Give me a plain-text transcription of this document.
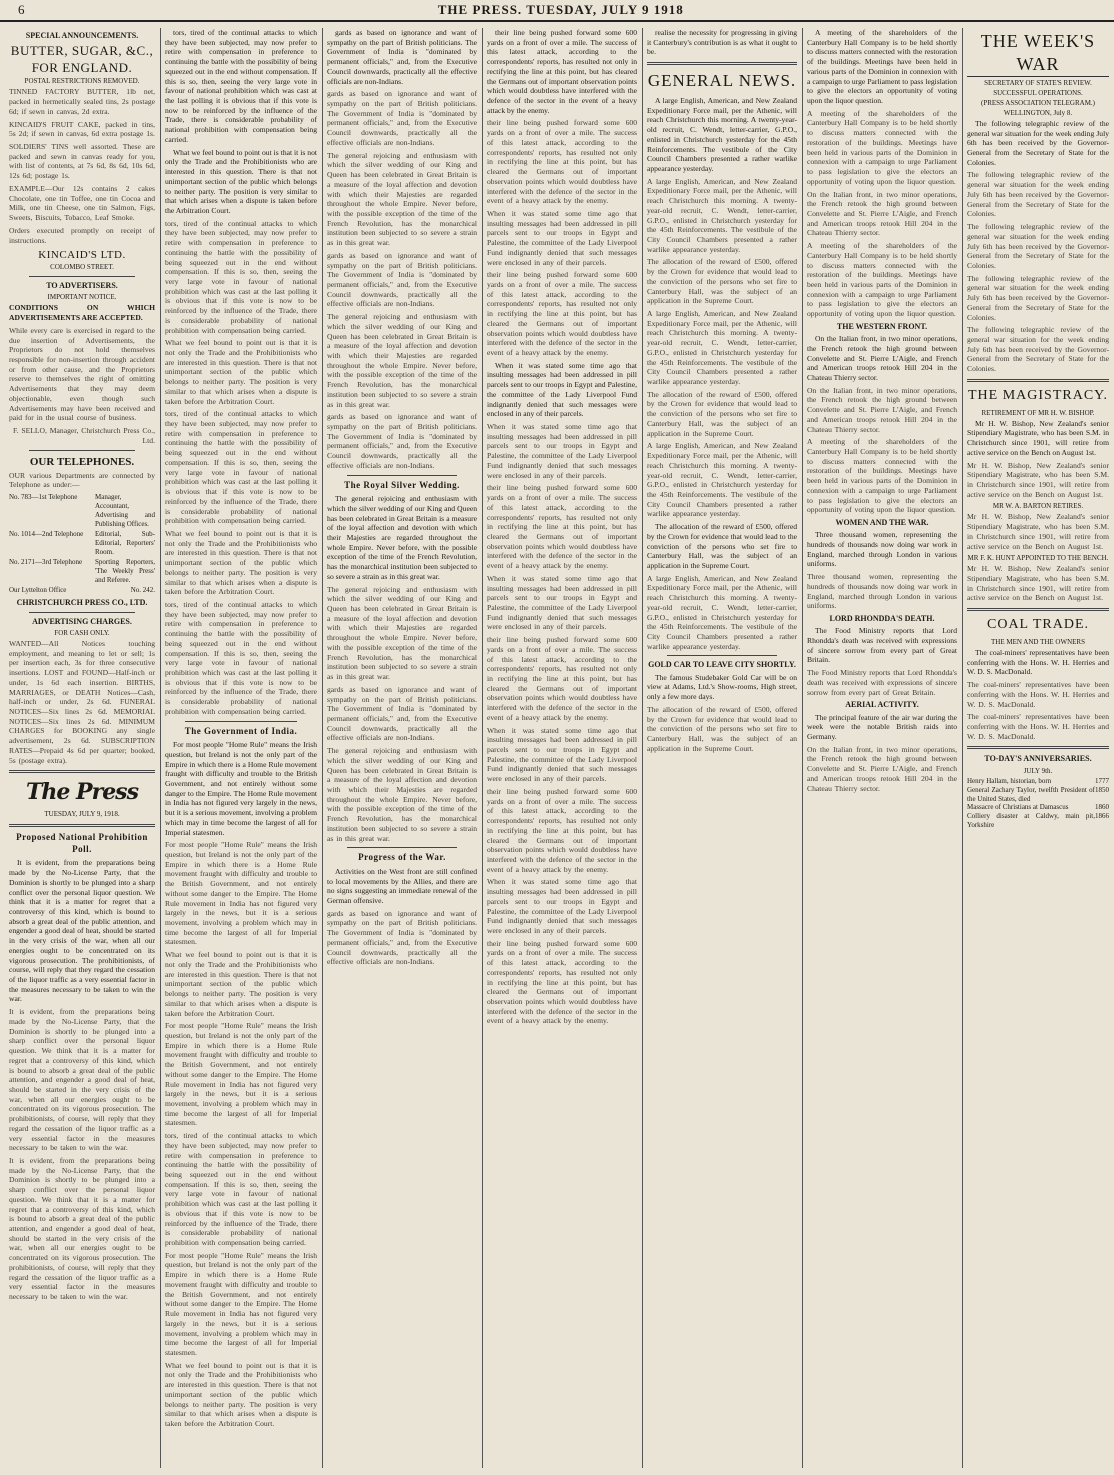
6	THE PRESS. TUESDAY, JULY 9 1918
SPECIAL ANNOUNCEMENTS.
BUTTER, SUGAR, &C., FOR ENGLAND.
POSTAL RESTRICTIONS REMOVED.

TINNED FACTORY BUTTER, 1lb net, packed in hermetically sealed tins, 2s postage 6d; if sewn in canvas, 2d extra.

KINCAID'S FRUIT CAKE, packed in tins, 5s 2d; if sewn in canvas, 6d extra postage 1s.

SOLDIERS' TINS well assorted. These are packed and sewn in canvas ready for you, with list of contents, at 7s 6d, 8s 6d, 10s 6d, 12s 6d; postage 1s.

EXAMPLE—Our 12s contains 2 cakes Chocolate, one tin Toffee, one tin Cocoa and Milk, one tin Cheese, one tin Salmon, Figs, Sweets, Biscuits, Tobacco, Leaf Smoke.

Orders executed promptly on receipt of instructions.

KINCAID'S LTD.
COLOMBO STREET.
TO ADVERTISERS.
IMPORTANT NOTICE.

CONDITIONS ON WHICH ADVERTISEMENTS ARE ACCEPTED.

While every care is exercised in regard to the due insertion of Advertisements, the Proprietors do not hold themselves responsible for non-insertion through accident or from other cause, and the Proprietors reserve to themselves the right of omitting Advertisements that they may deem objectionable, even though such Advertisements may have been received and paid for in the usual course of business.

F. SELLO, Manager, Christchurch Press Co., Ltd.

OUR TELEPHONES.

OUR various Departments are connected by Telephone as under:—

No. 783—1st Telephone	Manager, Accountant, Advertising and Publishing Offices.
No. 1014—2nd Telephone Editorial, Sub-Editorial, Reporters' Room.
No. 2171—3rd Telephone Sporting Reporters, 'The Weekly Press' and Referee.
Our Lyttelton Office	No. 242.
CHRISTCHURCH PRESS CO., LTD.
ADVERTISING CHARGES.
FOR CASH ONLY.

WANTED—All Notices touching employment, and meaning to let or sell; 1s per insertion each, 3s for three consecutive insertions. LOST and FOUND—Half-inch or under, 1s 6d each insertion. BIRTHS, MARRIAGES, or DEATH Notices—Cash, half-inch or under, 2s 6d. FUNERAL NOTICES—Six lines 2s 6d. MEMORIAL NOTICES—Six lines 2s 6d. MINIMUM CHARGES for BOOKING any single advertisement, 2s 6d. SUBSCRIPTION RATES—Prepaid 4s 6d per quarter; booked, 5s (postage extra).

The Press
TUESDAY, JULY 9, 1918.
Proposed National Prohibition Poll.

It is evident, from the preparations being made by the No-License Party, that the Dominion is shortly to be plunged into a sharp conflict over the personal liquor question. We think that it is a matter for regret that a controversy of this kind, which is bound to absorb a great deal of the public attention, and engender a good deal of heat, should be started in the very crisis of the war, when all our energies ought to be concentrated on its vigorous prosecution. The prohibitionists, of course, will reply that they regard the cessation of the liquor traffic as a very essential factor in the measures necessary to be taken to win the war.

It is evident, from the preparations being made by the No-License Party, that the Dominion is shortly to be plunged into a sharp conflict over the personal liquor question. We think that it is a matter for regret that a controversy of this kind, which is bound to absorb a great deal of the public attention, and engender a good deal of heat, should be started in the very crisis of the war, when all our energies ought to be concentrated on its vigorous prosecution. The prohibitionists, of course, will reply that they regard the cessation of the liquor traffic as a very essential factor in the measures necessary to be taken to win the war.

It is evident, from the preparations being made by the No-License Party, that the Dominion is shortly to be plunged into a sharp conflict over the personal liquor question. We think that it is a matter for regret that a controversy of this kind, which is bound to absorb a great deal of the public attention, and engender a good deal of heat, should be started in the very crisis of the war, when all our energies ought to be concentrated on its vigorous prosecution. The prohibitionists, of course, will reply that they regard the cessation of the liquor traffic as a very essential factor in the measures necessary to be taken to win the war.

tors, tired of the continual attacks to which they have been subjected, may now prefer to retire with compensation in preference to continuing the battle with the possibility of being squeezed out in the end without compensation. If this is so, then, seeing the very large vote in favour of national prohibition which was cast at the last polling it is obvious that if this vote is now to be reinforced by the influence of the Trade, there is considerable probability of national prohibition with compensation being carried.

What we feel bound to point out is that it is not only the Trade and the Prohibitionists who are interested in this question. There is that not unimportant section of the public which belongs to neither party. The position is very similar to that which arises when a dispute is taken before the Arbitration Court.

tors, tired of the continual attacks to which they have been subjected, may now prefer to retire with compensation in preference to continuing the battle with the possibility of being squeezed out in the end without compensation. If this is so, then, seeing the very large vote in favour of national prohibition which was cast at the last polling it is obvious that if this vote is now to be reinforced by the influence of the Trade, there is considerable probability of national prohibition with compensation being carried.

What we feel bound to point out is that it is not only the Trade and the Prohibitionists who are interested in this question. There is that not unimportant section of the public which belongs to neither party. The position is very similar to that which arises when a dispute is taken before the Arbitration Court.

tors, tired of the continual attacks to which they have been subjected, may now prefer to retire with compensation in preference to continuing the battle with the possibility of being squeezed out in the end without compensation. If this is so, then, seeing the very large vote in favour of national prohibition which was cast at the last polling it is obvious that if this vote is now to be reinforced by the influence of the Trade, there is considerable probability of national prohibition with compensation being carried.

What we feel bound to point out is that it is not only the Trade and the Prohibitionists who are interested in this question. There is that not unimportant section of the public which belongs to neither party. The position is very similar to that which arises when a dispute is taken before the Arbitration Court.

tors, tired of the continual attacks to which they have been subjected, may now prefer to retire with compensation in preference to continuing the battle with the possibility of being squeezed out in the end without compensation. If this is so, then, seeing the very large vote in favour of national prohibition which was cast at the last polling it is obvious that if this vote is now to be reinforced by the influence of the Trade, there is considerable probability of national prohibition with compensation being carried.

The Government of India.

For most people "Home Rule" means the Irish question, but Ireland is not the only part of the Empire in which there is a Home Rule movement fraught with difficulty and trouble to the British Government, and not entirely without some danger to the Empire. The Home Rule movement in India has not figured very largely in the news, but it is a serious movement, involving a problem which may in time become the largest of all for Imperial statesmen.

For most people "Home Rule" means the Irish question, but Ireland is not the only part of the Empire in which there is a Home Rule movement fraught with difficulty and trouble to the British Government, and not entirely without some danger to the Empire. The Home Rule movement in India has not figured very largely in the news, but it is a serious movement, involving a problem which may in time become the largest of all for Imperial statesmen.

What we feel bound to point out is that it is not only the Trade and the Prohibitionists who are interested in this question. There is that not unimportant section of the public which belongs to neither party. The position is very similar to that which arises when a dispute is taken before the Arbitration Court.

For most people "Home Rule" means the Irish question, but Ireland is not the only part of the Empire in which there is a Home Rule movement fraught with difficulty and trouble to the British Government, and not entirely without some danger to the Empire. The Home Rule movement in India has not figured very largely in the news, but it is a serious movement, involving a problem which may in time become the largest of all for Imperial statesmen.

tors, tired of the continual attacks to which they have been subjected, may now prefer to retire with compensation in preference to continuing the battle with the possibility of being squeezed out in the end without compensation. If this is so, then, seeing the very large vote in favour of national prohibition which was cast at the last polling it is obvious that if this vote is now to be reinforced by the influence of the Trade, there is considerable probability of national prohibition with compensation being carried.

For most people "Home Rule" means the Irish question, but Ireland is not the only part of the Empire in which there is a Home Rule movement fraught with difficulty and trouble to the British Government, and not entirely without some danger to the Empire. The Home Rule movement in India has not figured very largely in the news, but it is a serious movement, involving a problem which may in time become the largest of all for Imperial statesmen.

What we feel bound to point out is that it is not only the Trade and the Prohibitionists who are interested in this question. There is that not unimportant section of the public which belongs to neither party. The position is very similar to that which arises when a dispute is taken before the Arbitration Court.

gards as based on ignorance and want of sympathy on the part of British politicians. The Government of India is "dominated by permanent officials," and, from the Executive Council downwards, practically all the effective officials are non-Indians.

gards as based on ignorance and want of sympathy on the part of British politicians. The Government of India is "dominated by permanent officials," and, from the Executive Council downwards, practically all the effective officials are non-Indians.

The general rejoicing and enthusiasm with which the silver wedding of our King and Queen has been celebrated in Great Britain is a measure of the loyal affection and devotion with which their Majesties are regarded throughout the whole Empire. Never before, with the possible exception of the time of the French Revolution, has the monarchical institution been subjected to so severe a strain as in this great war.

gards as based on ignorance and want of sympathy on the part of British politicians. The Government of India is "dominated by permanent officials," and, from the Executive Council downwards, practically all the effective officials are non-Indians.

The general rejoicing and enthusiasm with which the silver wedding of our King and Queen has been celebrated in Great Britain is a measure of the loyal affection and devotion with which their Majesties are regarded throughout the whole Empire. Never before, with the possible exception of the time of the French Revolution, has the monarchical institution been subjected to so severe a strain as in this great war.

gards as based on ignorance and want of sympathy on the part of British politicians. The Government of India is "dominated by permanent officials," and, from the Executive Council downwards, practically all the effective officials are non-Indians.

The Royal Silver Wedding.

The general rejoicing and enthusiasm with which the silver wedding of our King and Queen has been celebrated in Great Britain is a measure of the loyal affection and devotion with which their Majesties are regarded throughout the whole Empire. Never before, with the possible exception of the time of the French Revolution, has the monarchical institution been subjected to so severe a strain as in this great war.

The general rejoicing and enthusiasm with which the silver wedding of our King and Queen has been celebrated in Great Britain is a measure of the loyal affection and devotion with which their Majesties are regarded throughout the whole Empire. Never before, with the possible exception of the time of the French Revolution, has the monarchical institution been subjected to so severe a strain as in this great war.

gards as based on ignorance and want of sympathy on the part of British politicians. The Government of India is "dominated by permanent officials," and, from the Executive Council downwards, practically all the effective officials are non-Indians.

The general rejoicing and enthusiasm with which the silver wedding of our King and Queen has been celebrated in Great Britain is a measure of the loyal affection and devotion with which their Majesties are regarded throughout the whole Empire. Never before, with the possible exception of the time of the French Revolution, has the monarchical institution been subjected to so severe a strain as in this great war.

Progress of the War.

Activities on the West front are still confined to local movements by the Allies, and there are no signs suggesting an immediate renewal of the German offensive.

gards as based on ignorance and want of sympathy on the part of British politicians. The Government of India is "dominated by permanent officials," and, from the Executive Council downwards, practically all the effective officials are non-Indians.

their line being pushed forward some 600 yards on a front of over a mile. The success of this latest attack, according to the correspondents' reports, has resulted not only in rectifying the line at this point, but has cleared the Germans out of important observation points which would doubtless have interfered with the defence of the sector in the event of a heavy attack by the enemy.

their line being pushed forward some 600 yards on a front of over a mile. The success of this latest attack, according to the correspondents' reports, has resulted not only in rectifying the line at this point, but has cleared the Germans out of important observation points which would doubtless have interfered with the defence of the sector in the event of a heavy attack by the enemy.

When it was stated some time ago that insulting messages had been addressed in pill parcels sent to our troops in Egypt and Palestine, the committee of the Lady Liverpool Fund indignantly denied that such messages were enclosed in any of their parcels.

their line being pushed forward some 600 yards on a front of over a mile. The success of this latest attack, according to the correspondents' reports, has resulted not only in rectifying the line at this point, but has cleared the Germans out of important observation points which would doubtless have interfered with the defence of the sector in the event of a heavy attack by the enemy.

When it was stated some time ago that insulting messages had been addressed in pill parcels sent to our troops in Egypt and Palestine, the committee of the Lady Liverpool Fund indignantly denied that such messages were enclosed in any of their parcels.

When it was stated some time ago that insulting messages had been addressed in pill parcels sent to our troops in Egypt and Palestine, the committee of the Lady Liverpool Fund indignantly denied that such messages were enclosed in any of their parcels.

their line being pushed forward some 600 yards on a front of over a mile. The success of this latest attack, according to the correspondents' reports, has resulted not only in rectifying the line at this point, but has cleared the Germans out of important observation points which would doubtless have interfered with the defence of the sector in the event of a heavy attack by the enemy.

When it was stated some time ago that insulting messages had been addressed in pill parcels sent to our troops in Egypt and Palestine, the committee of the Lady Liverpool Fund indignantly denied that such messages were enclosed in any of their parcels.

their line being pushed forward some 600 yards on a front of over a mile. The success of this latest attack, according to the correspondents' reports, has resulted not only in rectifying the line at this point, but has cleared the Germans out of important observation points which would doubtless have interfered with the defence of the sector in the event of a heavy attack by the enemy.

When it was stated some time ago that insulting messages had been addressed in pill parcels sent to our troops in Egypt and Palestine, the committee of the Lady Liverpool Fund indignantly denied that such messages were enclosed in any of their parcels.

their line being pushed forward some 600 yards on a front of over a mile. The success of this latest attack, according to the correspondents' reports, has resulted not only in rectifying the line at this point, but has cleared the Germans out of important observation points which would doubtless have interfered with the defence of the sector in the event of a heavy attack by the enemy.

When it was stated some time ago that insulting messages had been addressed in pill parcels sent to our troops in Egypt and Palestine, the committee of the Lady Liverpool Fund indignantly denied that such messages were enclosed in any of their parcels.

their line being pushed forward some 600 yards on a front of over a mile. The success of this latest attack, according to the correspondents' reports, has resulted not only in rectifying the line at this point, but has cleared the Germans out of important observation points which would doubtless have interfered with the defence of the sector in the event of a heavy attack by the enemy.

realise the necessity for progressing in giving it Canterbury's contribution is as what it ought to be.

GENERAL NEWS.

A large English, American, and New Zealand Expeditionary Force mail, per the Athenic, will reach Christchurch this morning. A twenty-year-old recruit, C. Wendt, letter-carrier, G.P.O., enlisted in Christchurch yesterday for the 45th Reinforcements. The vestibule of the City Council Chambers presented a rather warlike appearance yesterday.

A large English, American, and New Zealand Expeditionary Force mail, per the Athenic, will reach Christchurch this morning. A twenty-year-old recruit, C. Wendt, letter-carrier, G.P.O., enlisted in Christchurch yesterday for the 45th Reinforcements. The vestibule of the City Council Chambers presented a rather warlike appearance yesterday.

The allocation of the reward of £500, offered by the Crown for evidence that would lead to the conviction of the persons who set fire to Canterbury Hall, was the subject of an application in the Supreme Court.

A large English, American, and New Zealand Expeditionary Force mail, per the Athenic, will reach Christchurch this morning. A twenty-year-old recruit, C. Wendt, letter-carrier, G.P.O., enlisted in Christchurch yesterday for the 45th Reinforcements. The vestibule of the City Council Chambers presented a rather warlike appearance yesterday.

The allocation of the reward of £500, offered by the Crown for evidence that would lead to the conviction of the persons who set fire to Canterbury Hall, was the subject of an application in the Supreme Court.

A large English, American, and New Zealand Expeditionary Force mail, per the Athenic, will reach Christchurch this morning. A twenty-year-old recruit, C. Wendt, letter-carrier, G.P.O., enlisted in Christchurch yesterday for the 45th Reinforcements. The vestibule of the City Council Chambers presented a rather warlike appearance yesterday.

The allocation of the reward of £500, offered by the Crown for evidence that would lead to the conviction of the persons who set fire to Canterbury Hall, was the subject of an application in the Supreme Court.

A large English, American, and New Zealand Expeditionary Force mail, per the Athenic, will reach Christchurch this morning. A twenty-year-old recruit, C. Wendt, letter-carrier, G.P.O., enlisted in Christchurch yesterday for the 45th Reinforcements. The vestibule of the City Council Chambers presented a rather warlike appearance yesterday.

GOLD CAR TO LEAVE CITY SHORTLY.

The famous Studebaker Gold Car will be on view at Adams, Ltd.'s Show-rooms, High street, only a few more days.

The allocation of the reward of £500, offered by the Crown for evidence that would lead to the conviction of the persons who set fire to Canterbury Hall, was the subject of an application in the Supreme Court.

A meeting of the shareholders of the Canterbury Hall Company is to be held shortly to discuss matters connected with the restoration of the buildings. Meetings have been held in various parts of the Dominion in connexion with a campaign to urge Parliament to pass legislation to give the electors an opportunity of voting upon the liquor question.

A meeting of the shareholders of the Canterbury Hall Company is to be held shortly to discuss matters connected with the restoration of the buildings. Meetings have been held in various parts of the Dominion in connexion with a campaign to urge Parliament to pass legislation to give the electors an opportunity of voting upon the liquor question.

On the Italian front, in two minor operations, the French retook the high ground between Convelette and St. Pierre L'Aigle, and French and American troops retook Hill 204 in the Chateau Thierry sector.

A meeting of the shareholders of the Canterbury Hall Company is to be held shortly to discuss matters connected with the restoration of the buildings. Meetings have been held in various parts of the Dominion in connexion with a campaign to urge Parliament to pass legislation to give the electors an opportunity of voting upon the liquor question.

THE WESTERN FRONT.

On the Italian front, in two minor operations, the French retook the high ground between Convelette and St. Pierre L'Aigle, and French and American troops retook Hill 204 in the Chateau Thierry sector.

On the Italian front, in two minor operations, the French retook the high ground between Convelette and St. Pierre L'Aigle, and French and American troops retook Hill 204 in the Chateau Thierry sector.

A meeting of the shareholders of the Canterbury Hall Company is to be held shortly to discuss matters connected with the restoration of the buildings. Meetings have been held in various parts of the Dominion in connexion with a campaign to urge Parliament to pass legislation to give the electors an opportunity of voting upon the liquor question.

WOMEN AND THE WAR.

Three thousand women, representing the hundreds of thousands now doing war work in England, marched through London in various uniforms.

Three thousand women, representing the hundreds of thousands now doing war work in England, marched through London in various uniforms.

LORD RHONDDA'S DEATH.

The Food Ministry reports that Lord Rhondda's death was received with expressions of sincere sorrow from every part of Great Britain.

The Food Ministry reports that Lord Rhondda's death was received with expressions of sincere sorrow from every part of Great Britain.

AERIAL ACTIVITY.

The principal feature of the air war during the week were the notable British raids into Germany.

On the Italian front, in two minor operations, the French retook the high ground between Convelette and St. Pierre L'Aigle, and French and American troops retook Hill 204 in the Chateau Thierry sector.

THE WEEK'S WAR
SECRETARY OF STATE'S REVIEW.
SUCCESSFUL OPERATIONS.
(PRESS ASSOCIATION TELEGRAM.)
WELLINGTON, July 8.

The following telegraphic review of the general war situation for the week ending July 6th has been received by the Governor-General from the Secretary of State for the Colonies.

The following telegraphic review of the general war situation for the week ending July 6th has been received by the Governor-General from the Secretary of State for the Colonies.

The following telegraphic review of the general war situation for the week ending July 6th has been received by the Governor-General from the Secretary of State for the Colonies.

The following telegraphic review of the general war situation for the week ending July 6th has been received by the Governor-General from the Secretary of State for the Colonies.

The following telegraphic review of the general war situation for the week ending July 6th has been received by the Governor-General from the Secretary of State for the Colonies.

THE MAGISTRACY.
RETIREMENT OF MR H. W. BISHOP.

Mr H. W. Bishop, New Zealand's senior Stipendiary Magistrate, who has been S.M. in Christchurch since 1901, will retire from active service on the Bench on August 1st.

Mr H. W. Bishop, New Zealand's senior Stipendiary Magistrate, who has been S.M. in Christchurch since 1901, will retire from active service on the Bench on August 1st.

MR W. A. BARTON RETIRES.

Mr H. W. Bishop, New Zealand's senior Stipendiary Magistrate, who has been S.M. in Christchurch since 1901, will retire from active service on the Bench on August 1st.

MR F. K. HUNT APPOINTED TO THE BENCH.

Mr H. W. Bishop, New Zealand's senior Stipendiary Magistrate, who has been S.M. in Christchurch since 1901, will retire from active service on the Bench on August 1st.

COAL TRADE.
THE MEN AND THE OWNERS

The coal-miners' representatives have been conferring with the Hons. W. H. Herries and W. D. S. MacDonald.

The coal-miners' representatives have been conferring with the Hons. W. H. Herries and W. D. S. MacDonald.

The coal-miners' representatives have been conferring with the Hons. W. H. Herries and W. D. S. MacDonald.

TO-DAY'S ANNIVERSARIES.
JULY 9th.
Henry Hallam, historian, born	1777
General Zachary Taylor, twelfth President of the United States, died
1850
Massacre of Christians at Damascus	1860
Colliery disaster at Caldwy, main pit, Yorkshire
1866
